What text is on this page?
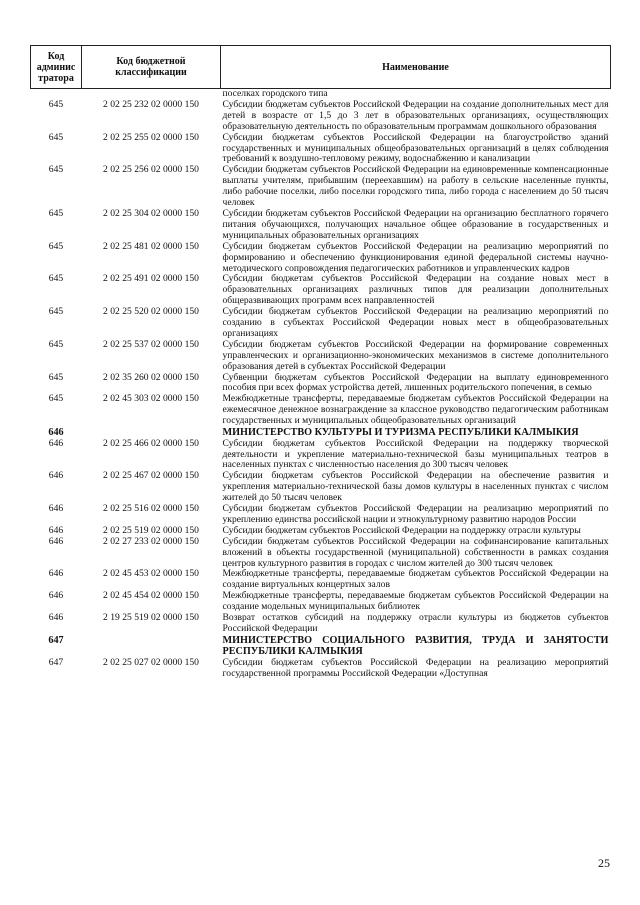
Код админис тратора	Код бюджетной классификации	Наименование
		поселках городского типа
645	2 02 25 232 02 0000 150	Субсидии бюджетам субъектов Российской Федерации на создание дополнительных мест для детей в возрасте от 1,5 до 3 лет в образовательных организациях, осуществляющих образовательную деятельность по образовательным программам дошкольного образования
645	2 02 25 255 02 0000 150	Субсидии бюджетам субъектов Российской Федерации на благоустройство зданий государственных и муниципальных общеобразовательных организаций в целях соблюдения требований к воздушно-тепловому режиму, водоснабжению и канализации
645	2 02 25 256 02 0000 150	Субсидии бюджетам субъектов Российской Федерации на единовременные компенсационные выплаты учителям, прибывшим (переехавшим) на работу в сельские населенные пункты, либо рабочие поселки, либо поселки городского типа, либо города с населением до 50 тысяч человек
645	2 02 25 304 02 0000 150	Субсидии бюджетам субъектов Российской Федерации на организацию бесплатного горячего питания обучающихся, получающих начальное общее образование в государственных и муниципальных образовательных организациях
645	2 02 25 481 02 0000 150	Субсидии бюджетам субъектов Российской Федерации на реализацию мероприятий по формированию и обеспечению функционирования единой федеральной системы научно-методического сопровождения педагогических работников и управленческих кадров
645	2 02 25 491 02 0000 150	Субсидии бюджетам субъектов Российской Федерации на создание новых мест в образовательных организациях различных типов для реализации дополнительных общеразвивающих программ всех направленностей
645	2 02 25 520 02 0000 150	Субсидии бюджетам субъектов Российской Федерации на реализацию мероприятий по созданию в субъектах Российской Федерации новых мест в общеобразовательных организациях
645	2 02 25 537 02 0000 150	Субсидии бюджетам субъектов Российской Федерации на формирование современных управленческих и организационно-экономических механизмов в системе дополнительного образования детей в субъектах Российской Федерации
645	2 02 35 260 02 0000 150	Субвенции бюджетам субъектов Российской Федерации на выплату единовременного пособия при всех формах устройства детей, лишенных родительского попечения, в семью
645	2 02 45 303 02 0000 150	Межбюджетные трансферты, передаваемые бюджетам субъектов Российской Федерации на ежемесячное денежное вознаграждение за классное руководство педагогическим работникам государственных и муниципальных общеобразовательных организаций
646		МИНИСТЕРСТВО КУЛЬТУРЫ И ТУРИЗМА РЕСПУБЛИКИ КАЛМЫКИЯ
646	2 02 25 466 02 0000 150	Субсидии бюджетам субъектов Российской Федерации на поддержку творческой деятельности и укрепление материально-технической базы муниципальных театров в населенных пунктах с численностью населения до 300 тысяч человек
646	2 02 25 467 02 0000 150	Субсидии бюджетам субъектов Российской Федерации на обеспечение развития и укрепления материально-технической базы домов культуры в населенных пунктах с числом жителей до 50 тысяч человек
646	2 02 25 516 02 0000 150	Субсидии бюджетам субъектов Российской Федерации на реализацию мероприятий по укреплению единства российской нации и этнокультурному развитию народов России
646	2 02 25 519 02 0000 150	Субсидии бюджетам субъектов Российской Федерации на поддержку отрасли культуры
646	2 02 27 233 02 0000 150	Субсидии бюджетам субъектов Российской Федерации на софинансирование капитальных вложений в объекты государственной (муниципальной) собственности в рамках создания центров культурного развития в городах с числом жителей до 300 тысяч человек
646	2 02 45 453 02 0000 150	Межбюджетные трансферты, передаваемые бюджетам субъектов Российской Федерации на создание виртуальных концертных залов
646	2 02 45 454 02 0000 150	Межбюджетные трансферты, передаваемые бюджетам субъектов Российской Федерации на создание модельных муниципальных библиотек
646	2 19 25 519 02 0000 150	Возврат остатков субсидий на поддержку отрасли культуры из бюджетов субъектов Российской Федерации
647		МИНИСТЕРСТВО СОЦИАЛЬНОГО РАЗВИТИЯ, ТРУДА И ЗАНЯТОСТИ РЕСПУБЛИКИ КАЛМЫКИЯ
647	2 02 25 027 02 0000 150	Субсидии бюджетам субъектов Российской Федерации на реализацию мероприятий государственной программы Российской Федерации «Доступная
25
